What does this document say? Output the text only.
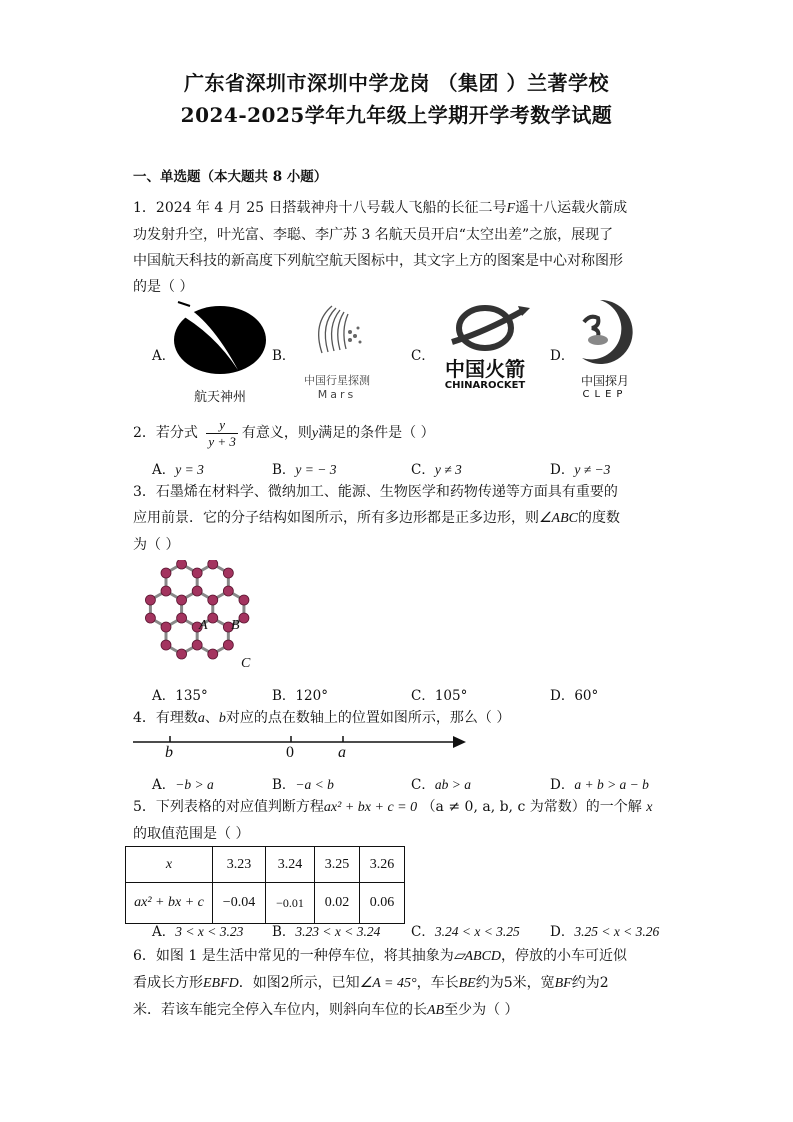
广东省深圳市深圳中学龙岗 （集团 ）兰著学校
2024-2025学年九年级上学期开学考数学试题
一、单选题（本大题共 8 小题）
1．2024 年 4 月 25 日搭载神舟十八号载人飞船的长征二号F遥十八运载火箭成
功发射升空，叶光富、李聪、李广苏 3 名航天员开启“太空出差”之旅，展现了
中国航天科技的新高度下列航空航天图标中，其文字上方的图案是中心对称图形
的是（ ）
A．
航天神州
B．
中国行星探测
Mars
C．
中国火箭
CHINAROCKET
D．
中国探月
CLEP
2．若分式 $\frac{y}{y + 3}$ 有意义，则y满足的条件是（ ）
A．y = 3	B．y = − 3	C．y ≠ 3	D．y ≠ −3
3．石墨烯在材料学、微纳加工、能源、生物医学和药物传递等方面具有重要的
应用前景．它的分子结构如图所示，所有多边形都是正多边形，则∠ABC的度数
为（ ）
A B
C
A．135°	B．120°	C．105°	D．60°
4．有理数a、b对应的点在数轴上的位置如图所示，那么（ ）
b	0	a
A．−b > a	B．−a < b	C．ab > a	D．a + b > a − b
5．下列表格的对应值判断方程ax² + bx + c = 0 （a ≠ 0, a, b, c 为常数）的一个解 x
的取值范围是（ ）
x	3.23	3.24	3.25	3.26
ax² + bx + c	−0.04	−0.01	0.02	0.06
A．3 < x < 3.23 B．3.23 < x < 3.24 C．3.24 < x < 3.25 D．3.25 < x < 3.26
6．如图 1 是生活中常见的一种停车位，将其抽象为▱ABCD，停放的小车可近似
看成长方形EBFD．如图2所示，已知∠A = 45°，车长BE约为5米，宽BF约为2
米．若该车能完全停入车位内，则斜向车位的长AB至少为（ ）
